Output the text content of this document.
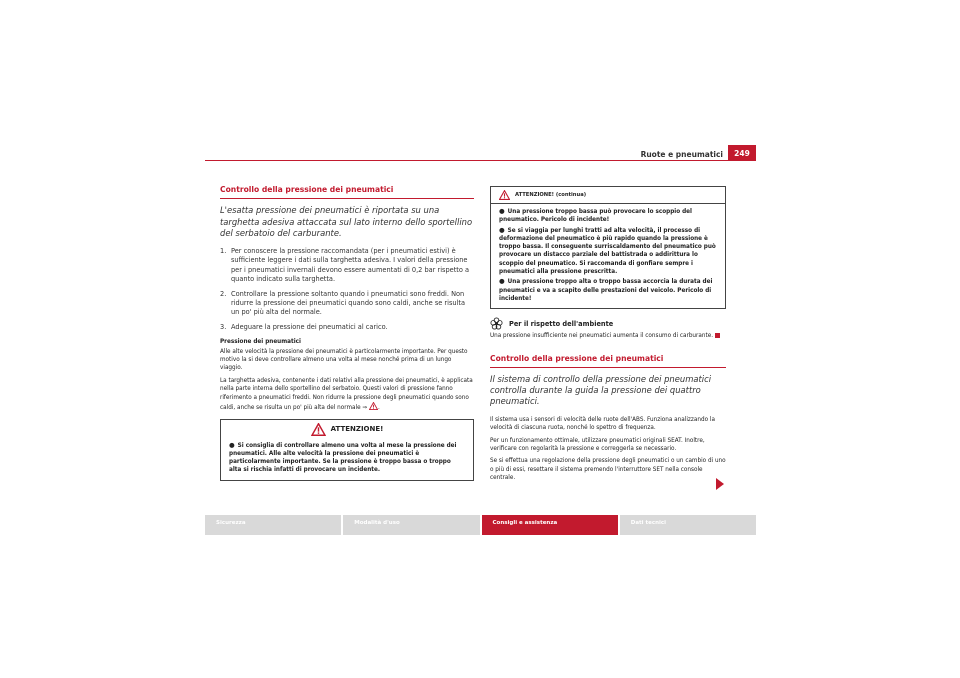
Ruote e pneumatici	249
Controllo della pressione dei pneumatici
L'esatta pressione dei pneumatici è riportata su una targhetta adesiva attaccata sul lato interno dello sportellino del serbatoio del carburante.
1. Per conoscere la pressione raccomandata (per i pneumatici estivi) è sufficiente leggere i dati sulla targhetta adesiva. I valori della pressione per i pneumatici invernali devono essere aumentati di 0,2 bar rispetto a quanto indicato sulla targhetta.
2. Controllare la pressione soltanto quando i pneumatici sono freddi. Non ridurre la pressione dei pneumatici quando sono caldi, anche se risulta un po' più alta del normale.
3. Adeguare la pressione dei pneumatici al carico.
Pressione dei pneumatici

Alle alte velocità la pressione dei pneumatici è particolarmente importante. Per questo motivo la si deve controllare almeno una volta al mese nonché prima di un lungo viaggio.

La targhetta adesiva, contenente i dati relativi alla pressione dei pneumatici, è applicata nella parte interna dello sportellino del serbatoio. Questi valori di pressione fanno riferimento a pneumatici freddi. Non ridurre la pressione degli pneumatici quando sono caldi, anche se risulta un po' più alta del normale ⇒ .

ATTENZIONE!
● Si consiglia di controllare almeno una volta al mese la pressione dei pneumatici. Alle alte velocità la pressione dei pneumatici è particolarmente importante. Se la pressione è troppo bassa o troppo alta si rischia infatti di provocare un incidente.
ATTENZIONE! (continua)
● Una pressione troppo bassa può provocare lo scoppio del pneumatico. Pericolo di incidente!
● Se si viaggia per lunghi tratti ad alta velocità, il processo di deformazione del pneumatico è più rapido quando la pressione è troppo bassa. Il conseguente surriscaldamento del pneumatico può provocare un distacco parziale del battistrada o addirittura lo scoppio del pneumatico. Si raccomanda di gonfiare sempre i pneumatici alla pressione prescritta.
● Una pressione troppo alta o troppo bassa accorcia la durata dei pneumatici e va a scapito delle prestazioni del veicolo. Pericolo di incidente!
Per il rispetto dell'ambiente

Una pressione insufficiente nei pneumatici aumenta il consumo di carburante.

Controllo della pressione dei pneumatici
Il sistema di controllo della pressione dei pneumatici controlla durante la guida la pressione dei quattro pneumatici.

Il sistema usa i sensori di velocità delle ruote dell'ABS. Funziona analizzando la velocità di ciascuna ruota, nonché lo spettro di frequenza.

Per un funzionamento ottimale, utilizzare pneumatici originali SEAT. Inoltre, verificare con regolarità la pressione e correggerla se necessario.

Se si effettua una regolazione della pressione degli pneumatici o un cambio di uno o più di essi, resettare il sistema premendo l'interruttore SET nella console centrale.

Sicurezza	Modalità d'uso	Consigli e assistenza	Dati tecnici
